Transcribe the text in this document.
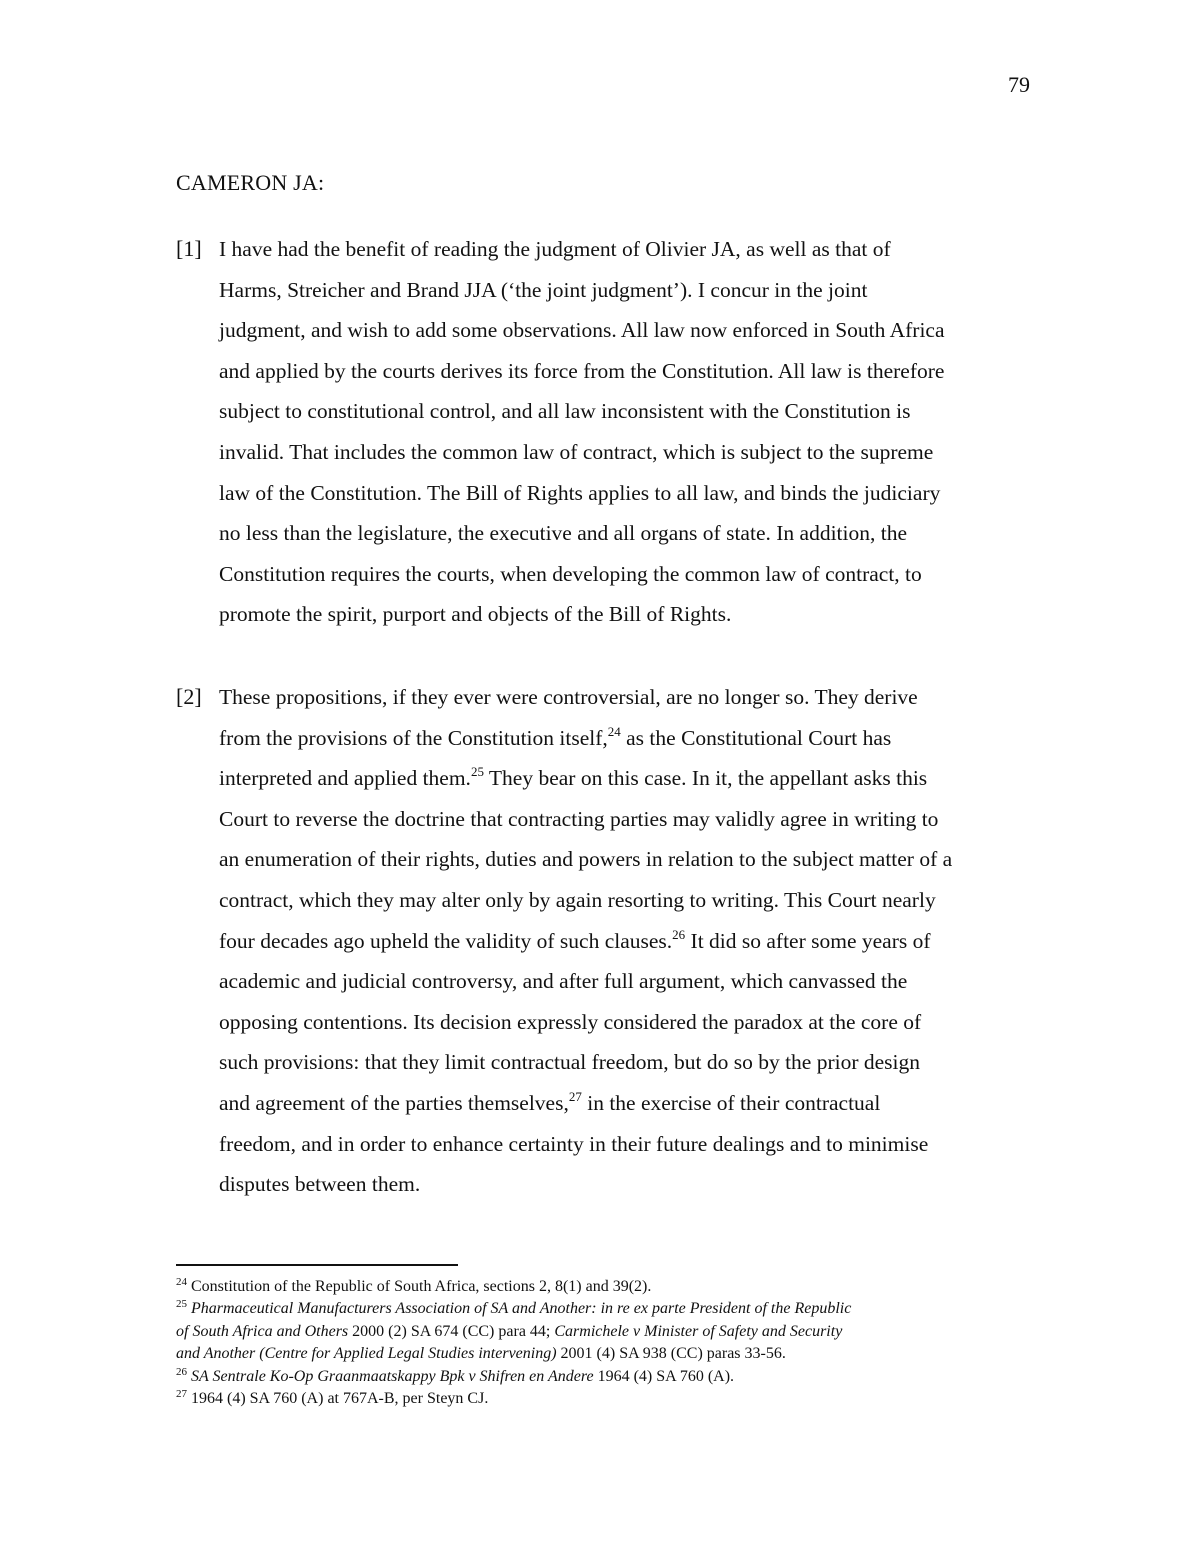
79
CAMERON JA:
[1] I have had the benefit of reading the judgment of Olivier JA, as well as that of
Harms, Streicher and Brand JJA (‘the joint judgment’). I concur in the joint
judgment, and wish to add some observations. All law now enforced in South Africa
and applied by the courts derives its force from the Constitution. All law is therefore
subject to constitutional control, and all law inconsistent with the Constitution is
invalid. That includes the common law of contract, which is subject to the supreme
law of the Constitution. The Bill of Rights applies to all law, and binds the judiciary
no less than the legislature, the executive and all organs of state. In addition, the
Constitution requires the courts, when developing the common law of contract, to
promote the spirit, purport and objects of the Bill of Rights.
[2] These propositions, if they ever were controversial, are no longer so. They derive
from the provisions of the Constitution itself,$^{24}$ as the Constitutional Court has
interpreted and applied them.$^{25}$ They bear on this case. In it, the appellant asks this
Court to reverse the doctrine that contracting parties may validly agree in writing to
an enumeration of their rights, duties and powers in relation to the subject matter of a
contract, which they may alter only by again resorting to writing. This Court nearly
four decades ago upheld the validity of such clauses.$^{26}$ It did so after some years of
academic and judicial controversy, and after full argument, which canvassed the
opposing contentions. Its decision expressly considered the paradox at the core of
such provisions: that they limit contractual freedom, but do so by the prior design
and agreement of the parties themselves,$^{27}$ in the exercise of their contractual
freedom, and in order to enhance certainty in their future dealings and to minimise
disputes between them.
$^{24}$ Constitution of the Republic of South Africa, sections 2, 8(1) and 39(2).
$^{25}$ Pharmaceutical Manufacturers Association of SA and Another: in re ex parte President of the Republic
of South Africa and Others 2000 (2) SA 674 (CC) para 44; Carmichele v Minister of Safety and Security
and Another (Centre for Applied Legal Studies intervening) 2001 (4) SA 938 (CC) paras 33-56.
$^{26}$ SA Sentrale Ko-Op Graanmaatskappy Bpk v Shifren en Andere 1964 (4) SA 760 (A).
$^{27}$ 1964 (4) SA 760 (A) at 767A-B, per Steyn CJ.
